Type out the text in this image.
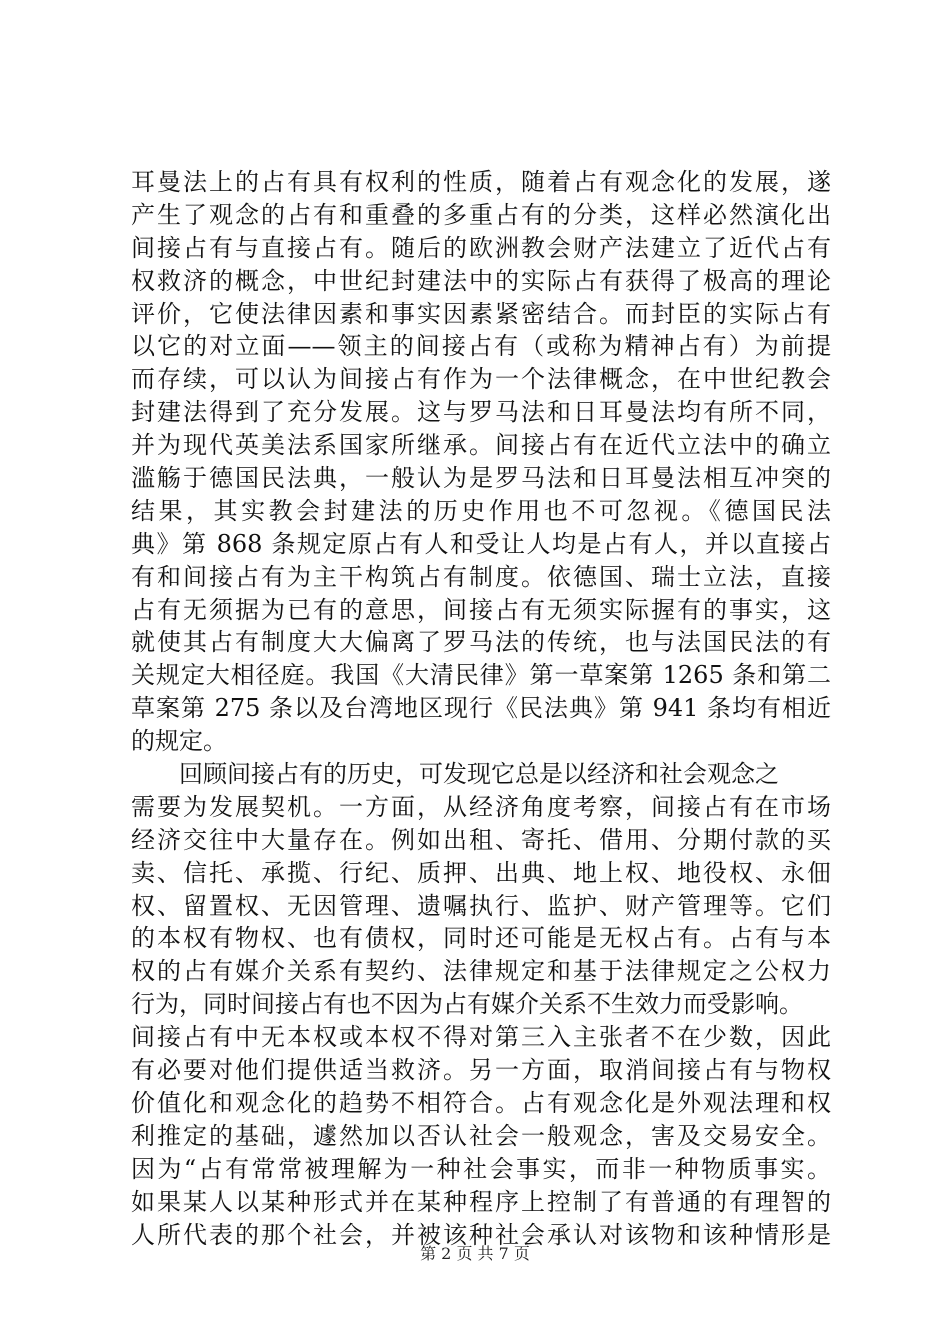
耳曼法上的占有具有权利的性质，随着占有观念化的发展，遂
产生了观念的占有和重叠的多重占有的分类，这样必然演化出
间接占有与直接占有。随后的欧洲教会财产法建立了近代占有
权救济的概念，中世纪封建法中的实际占有获得了极高的理论
评价，它使法律因素和事实因素紧密结合。而封臣的实际占有
以它的对立面——领主的间接占有（或称为精神占有）为前提
而存续，可以认为间接占有作为一个法律概念，在中世纪教会
封建法得到了充分发展。这与罗马法和日耳曼法均有所不同，
并为现代英美法系国家所继承。间接占有在近代立法中的确立
滥觞于德国民法典，一般认为是罗马法和日耳曼法相互冲突的
结果，其实教会封建法的历史作用也不可忽视。《德国民法
典》第 868 条规定原占有人和受让人均是占有人，并以直接占
有和间接占有为主干构筑占有制度。依德国、瑞士立法，直接
占有无须据为已有的意思，间接占有无须实际握有的事实，这
就使其占有制度大大偏离了罗马法的传统，也与法国民法的有
关规定大相径庭。我国《大清民律》第一草案第 1265 条和第二
草案第 275 条以及台湾地区现行《民法典》第 941 条均有相近
的规定。
回顾间接占有的历史，可发现它总是以经济和社会观念之
需要为发展契机。一方面，从经济角度考察，间接占有在市场
经济交往中大量存在。例如出租、寄托、借用、分期付款的买
卖、信托、承揽、行纪、质押、出典、地上权、地役权、永佃
权、留置权、无因管理、遗嘱执行、监护、财产管理等。它们
的本权有物权、也有债权，同时还可能是无权占有。占有与本
权的占有媒介关系有契约、法律规定和基于法律规定之公权力
行为，同时间接占有也不因为占有媒介关系不生效力而受影响。
间接占有中无本权或本权不得对第三入主张者不在少数，因此
有必要对他们提供适当救济。另一方面，取消间接占有与物权
价值化和观念化的趋势不相符合。占有观念化是外观法理和权
利推定的基础，遽然加以否认社会一般观念，害及交易安全。
因为“占有常常被理解为一种社会事实，而非一种物质事实。
如果某人以某种形式并在某种程序上控制了有普通的有理智的
人所代表的那个社会，并被该种社会承认对该物和该种情形是
第 2 页 共 7 页
